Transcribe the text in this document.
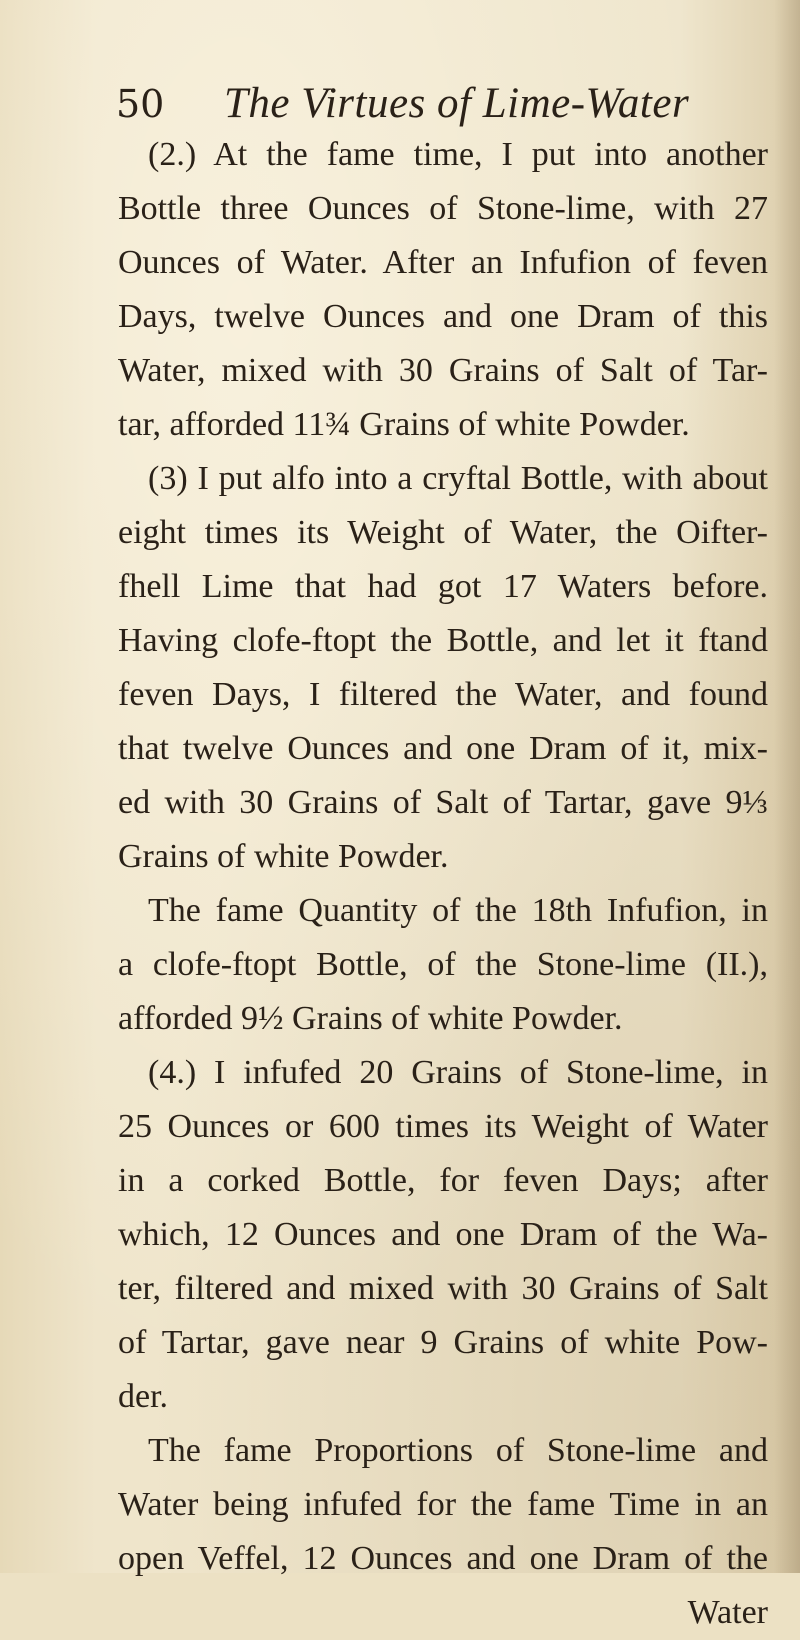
50 The Virtues of Lime-Water
(2.) At the fame time, I put into another
Bottle three Ounces of Stone-lime, with 27
Ounces of Water. After an Infufion of feven
Days, twelve Ounces and one Dram of this
Water, mixed with 30 Grains of Salt of Tar-
tar, afforded 11¾ Grains of white Powder.
(3) I put alfo into a cryftal Bottle, with about
eight times its Weight of Water, the Oifter-
fhell Lime that had got 17 Waters before.
Having clofe-ftopt the Bottle, and let it ftand
feven Days, I filtered the Water, and found
that twelve Ounces and one Dram of it, mix-
ed with 30 Grains of Salt of Tartar, gave 9⅓
Grains of white Powder.
The fame Quantity of the 18th Infufion, in
a clofe-ftopt Bottle, of the Stone-lime (II.),
afforded 9½ Grains of white Powder.
(4.) I infufed 20 Grains of Stone-lime, in
25 Ounces or 600 times its Weight of Water
in a corked Bottle, for feven Days; after
which, 12 Ounces and one Dram of the Wa-
ter, filtered and mixed with 30 Grains of Salt
of Tartar, gave near 9 Grains of white Pow-
der.
The fame Proportions of Stone-lime and
Water being infufed for the fame Time in an
open Veffel, 12 Ounces and one Dram of the
Water
